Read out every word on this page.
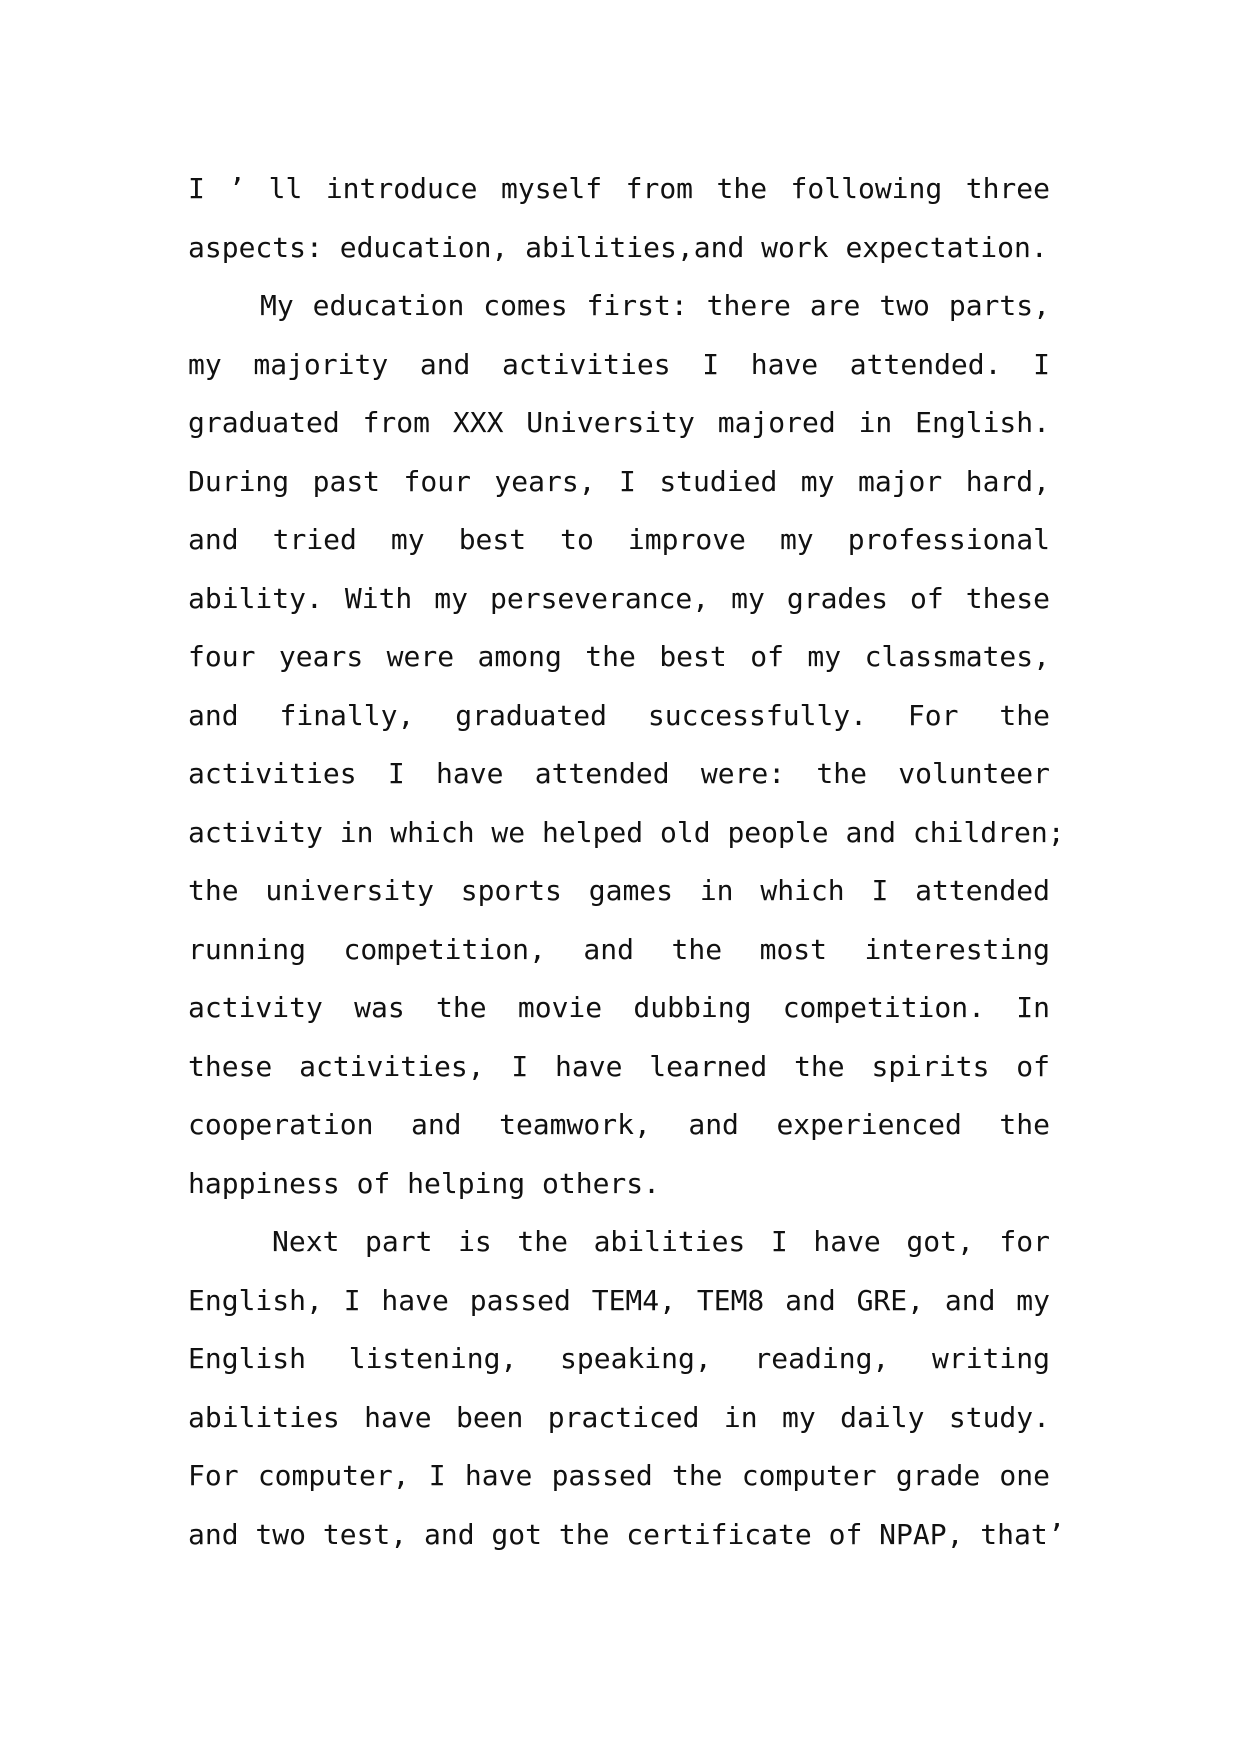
I ’ ll introduce myself from the following three
aspects: education, abilities,and work expectation.
My education comes first: there are two parts,
my majority and activities I have attended. I
graduated from XXX University majored in English.
During past four years, I studied my major hard,
and tried my best to improve my professional
ability. With my perseverance, my grades of these
four years were among the best of my classmates,
and finally, graduated successfully. For the
activities I have attended were: the volunteer
activity in which we helped old people and children;
the university sports games in which I attended
running competition, and the most interesting
activity was the movie dubbing competition. In
these activities, I have learned the spirits of
cooperation and teamwork, and experienced the
happiness of helping others.
Next part is the abilities I have got, for
English, I have passed TEM4, TEM8 and GRE, and my
English listening, speaking, reading, writing
abilities have been practiced in my daily study.
For computer, I have passed the computer grade one
and two test, and got the certificate of NPAP, that’
